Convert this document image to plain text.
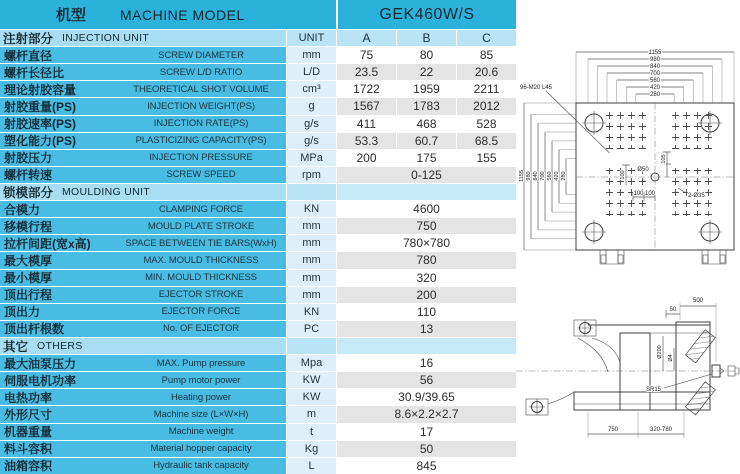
机型 MACHINE MODEL	GEK460W/S
注射部分 INJECTION UNIT	UNIT	A	B	C
螺杆直径	SCREW DIAMETER	mm	75	80	85
螺杆长径比	SCREW L/D RATIO	L/D	23.5	22	20.6
理论射胶容量	THEORETICAL SHOT VOLUME	cm³	1722	1959	2211
射胶重量(PS)	INJECTION WEIGHT(PS)	g	1567	1783	2012
射胶速率(PS)	INJECTION RATE(PS)	g/s	411	468	528
塑化能力(PS)	PLASTICIZING CAPACITY(PS)	g/s	53.3	60.7	68.5
射胶压力	INJECTION PRESSURE	MPa	200	175	155
螺杆转速	SCREW SPEED	rpm	0-125
锁模部分 MOULDING UNIT
合模力	CLAMPING FORCE	KN	4600
移模行程	MOULD PLATE STROKE	mm	750
拉杆间距(宽x高)	SPACE BETWEEN TIE BARS(WxH)	mm	780×780
最大模厚	MAX. MOULD THICKNESS	mm	780
最小模厚	MIN. MOULD THICKNESS	mm	320
顶出行程	EJECTOR STROKE	mm	200
顶出力	EJECTOR FORCE	KN	110
顶出杆根数	No. OF EJECTOR	PC	13
其它 OTHERS
最大油泵压力	MAX. Pump pressure	Mpa	16
伺服电机功率	Pump motor power	KW	56
电热功率	Heating power	KW	30.9/39.65
外形尺寸	Machine size (L×W×H)	m	8.6×2.2×2.7
机器重量	Machine weight	t	17
料斗容积	Material hopper capacity	Kg	50
油箱容积	Hydraulic tank capacity	L	845
1155
980
840
700
560
420
280
1155 980 840 700 560 420 280
Ø50
100 100
100
105
2-Ø35
96-M20 L45
500
50
Ø200 Ø4
SR15
750	320-780
